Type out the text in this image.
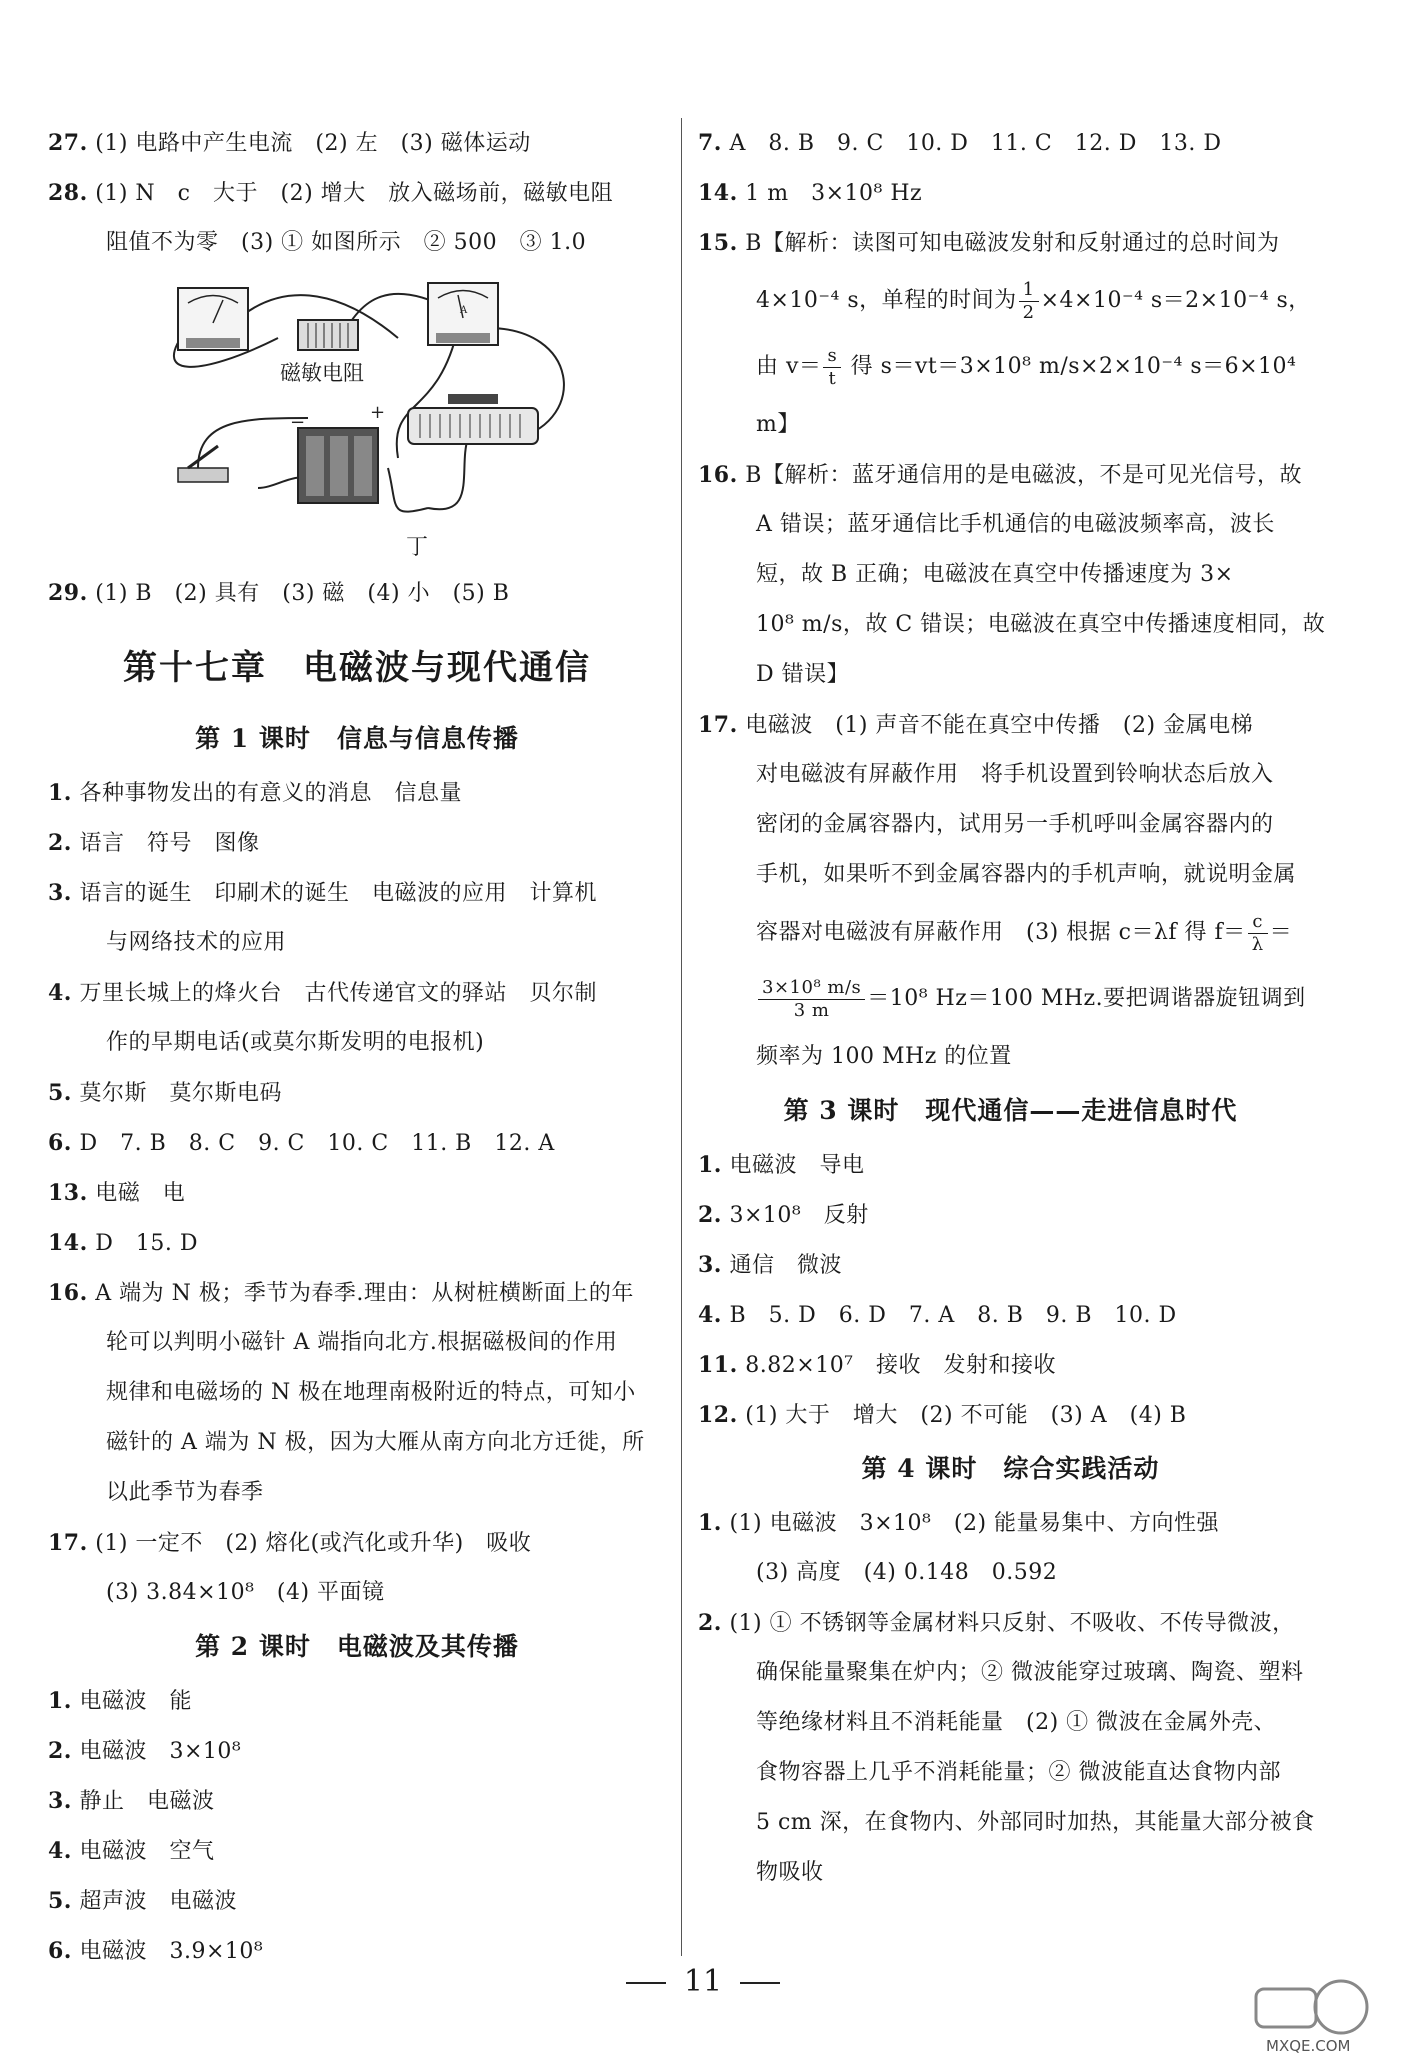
27. (1) 电路中产生电流　(2) 左　(3) 磁体运动
28. (1) N　c　大于　(2) 增大　放入磁场前，磁敏电阻
阻值不为零　(3) ① 如图所示　② 500　③ 1.0
A
磁敏电阻
−	+
丁
29. (1) B　(2) 具有　(3) 磁　(4) 小　(5) B
第十七章　电磁波与现代通信
第 1 课时　信息与信息传播
1. 各种事物发出的有意义的消息　信息量
2. 语言　符号　图像
3. 语言的诞生　印刷术的诞生　电磁波的应用　计算机
与网络技术的应用
4. 万里长城上的烽火台　古代传递官文的驿站　贝尔制
作的早期电话(或莫尔斯发明的电报机)
5. 莫尔斯　莫尔斯电码
6. D　7. B　8. C　9. C　10. C　11. B　12. A
13. 电磁　电
14. D　15. D
16. A 端为 N 极；季节为春季.理由：从树桩横断面上的年
轮可以判明小磁针 A 端指向北方.根据磁极间的作用
规律和电磁场的 N 极在地理南极附近的特点，可知小
磁针的 A 端为 N 极，因为大雁从南方向北方迁徙，所
以此季节为春季
17. (1) 一定不　(2) 熔化(或汽化或升华)　吸收
(3) 3.84×10⁸　(4) 平面镜
第 2 课时　电磁波及其传播
1. 电磁波　能
2. 电磁波　3×10⁸
3. 静止　电磁波
4. 电磁波　空气
5. 超声波　电磁波
6. 电磁波　3.9×10⁸
7. A　8. B　9. C　10. D　11. C　12. D　13. D
14. 1 m　3×10⁸ Hz
15. B【解析：读图可知电磁波发射和反射通过的总时间为
4×10⁻⁴ s，单程的时间为 $\frac{1}{2} \times 4\times 10^{-4}$ s＝2×10⁻⁴ s，
由 $v= \frac{s}{t}$ 得 s＝vt＝3×10⁸ m/s×2×10⁻⁴ s＝6×10⁴
m】
16. B【解析：蓝牙通信用的是电磁波，不是可见光信号，故
A 错误；蓝牙通信比手机通信的电磁波频率高，波长
短，故 B 正确；电磁波在真空中传播速度为 3×
10⁸ m/s，故 C 错误；电磁波在真空中传播速度相同，故
D 错误】
17. 电磁波　(1) 声音不能在真空中传播　(2) 金属电梯
对电磁波有屏蔽作用　将手机设置到铃响状态后放入
密闭的金属容器内，试用另一手机呼叫金属容器内的
手机，如果听不到金属容器内的手机声响，就说明金属
容器对电磁波有屏蔽作用　(3) 根据 c＝λf 得 $f= \frac{c}{\lambda}$ ＝
$\frac{\text{3×10⁸ m/s}}{3 m} =10^8$ Hz＝100 MHz.要把调谐器旋钮调到
频率为 100 MHz 的位置
第 3 课时　现代通信——走进信息时代
1. 电磁波　导电
2. 3×10⁸　反射
3. 通信　微波
4. B　5. D　6. D　7. A　8. B　9. B　10. D
11. 8.82×10⁷　接收　发射和接收
12. (1) 大于　增大　(2) 不可能　(3) A　(4) B
第 4 课时　综合实践活动
1. (1) 电磁波　3×10⁸　(2) 能量易集中、方向性强
(3) 高度　(4) 0.148　0.592
2. (1) ① 不锈钢等金属材料只反射、不吸收、不传导微波，
确保能量聚集在炉内；② 微波能穿过玻璃、陶瓷、塑料
等绝缘材料且不消耗能量　(2) ① 微波在金属外壳、
食物容器上几乎不消耗能量；② 微波能直达食物内部
5 cm 深，在食物内、外部同时加热，其能量大部分被食
物吸收
11
MXQE.COM
